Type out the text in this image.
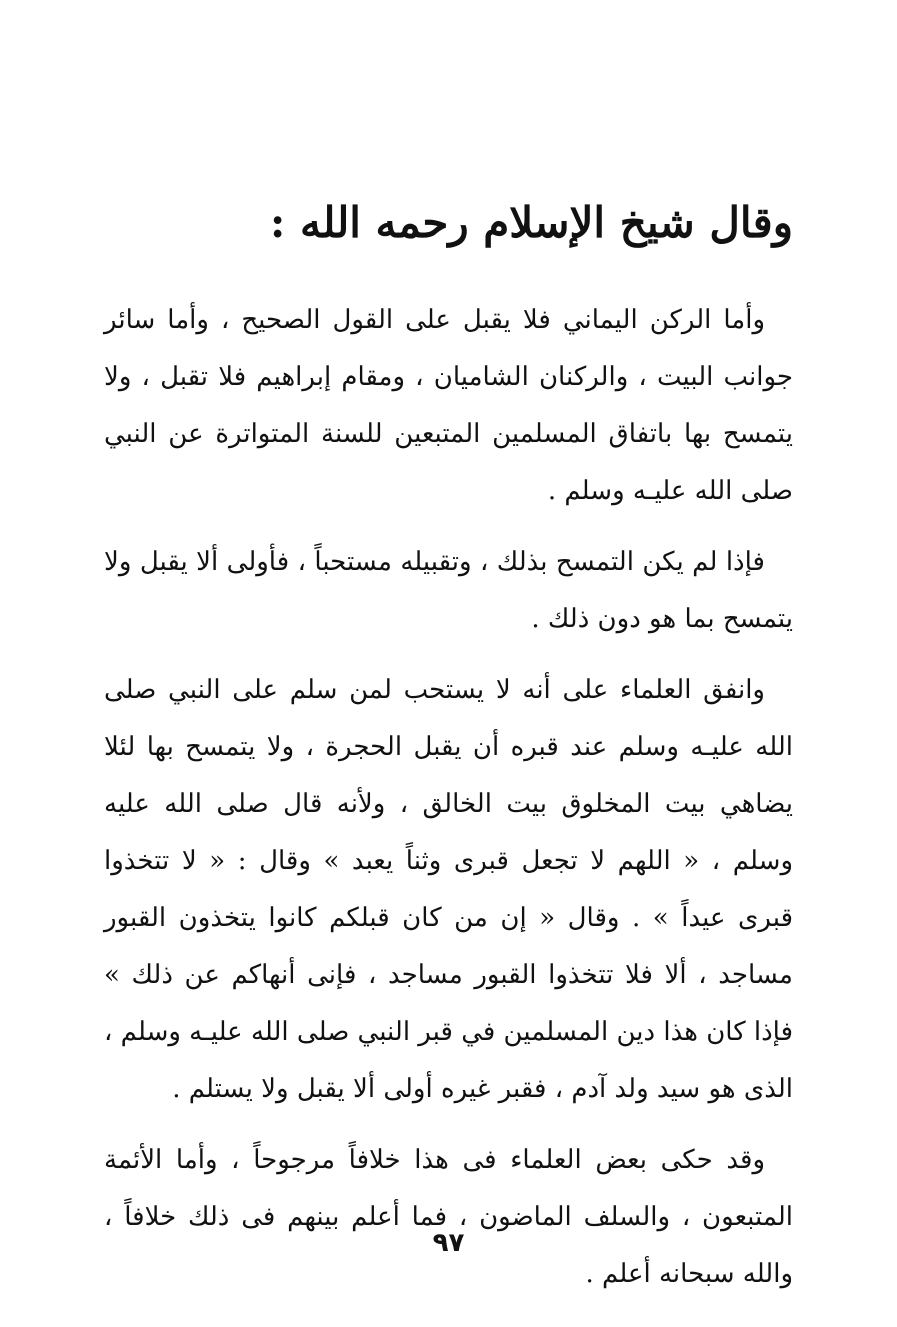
وقال شيخ الإسلام رحمه الله :

وأما الركن اليماني فلا يقبل على القول الصحيح ، وأما سائر جوانب البيت ، والركنان الشاميان ، ومقام إبراهيم فلا تقبل ، ولا يتمسح بها باتفاق المسلمين المتبعين للسنة المتواترة عن النبي صلى الله عليـه وسلم .

فإذا لم يكن التمسح بذلك ، وتقبيله مستحباً ، فأولى ألا يقبل ولا يتمسح بما هو دون ذلك .

وانفق العلماء على أنه لا يستحب لمن سلم على النبي صلى الله عليـه وسلم عند قبره أن يقبل الحجرة ، ولا يتمسح بها لئلا يضاهي بيت المخلوق بيت الخالق ، ولأنه قال صلى الله عليه وسلم ، « اللهم لا تجعل قبرى وثناً يعبد » وقال : « لا تتخذوا قبرى عيداً » . وقال « إن من كان قبلكم كانوا يتخذون القبور مساجد ، ألا فلا تتخذوا القبور مساجد ، فإنى أنهاكم عن ذلك » فإذا كان هذا دين المسلمين في قبر النبي صلى الله عليـه وسلم ، الذى هو سيد ولد آدم ، فقبر غيره أولى ألا يقبل ولا يستلم .

وقد حكى بعض العلماء فى هذا خلافاً مرجوحاً ، وأما الأئمة المتبعون ، والسلف الماضون ، فما أعلم بينهم فى ذلك خلافاً ، والله سبحانه أعلم .

٩٧
